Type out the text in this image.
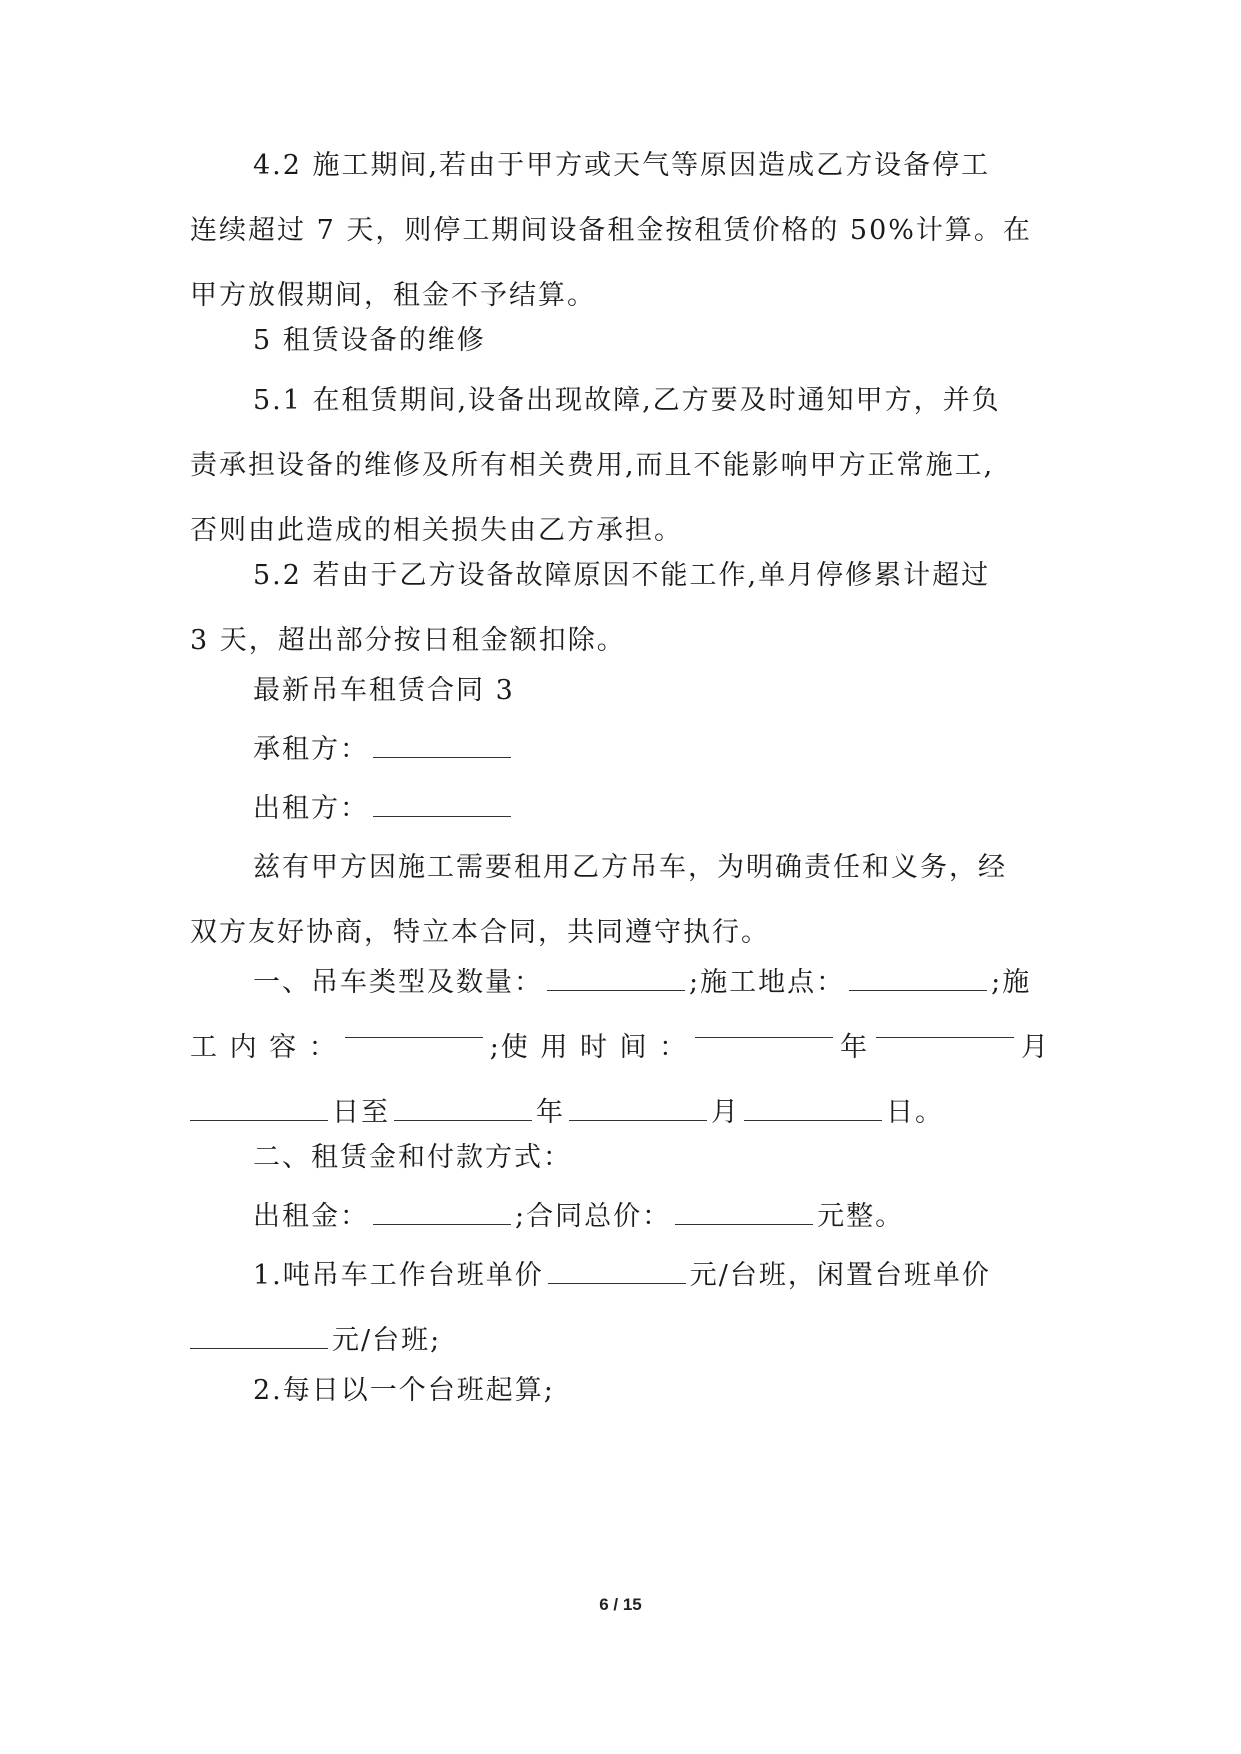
4.2 施工期间,若由于甲方或天气等原因造成乙方设备停工
连续超过 7 天，则停工期间设备租金按租赁价格的 50%计算。在
甲方放假期间，租金不予结算。
5 租赁设备的维修
5.1 在租赁期间,设备出现故障,乙方要及时通知甲方，并负
责承担设备的维修及所有相关费用,而且不能影响甲方正常施工,
否则由此造成的相关损失由乙方承担。
5.2 若由于乙方设备故障原因不能工作,单月停修累计超过
3 天，超出部分按日租金额扣除。
最新吊车租赁合同 3
承租方：
出租方：
兹有甲方因施工需要租用乙方吊车，为明确责任和义务，经
双方友好协商，特立本合同，共同遵守执行。
一、吊车类型及数量：	;施工地点：	;施
工 内 容 ：	;使 用 时 间 ：	年	月
日至	年	月	日。
二、租赁金和付款方式：
出租金：	;合同总价：	元整。
1.吨吊车工作台班单价	元/台班，闲置台班单价
元/台班;
2.每日以一个台班起算;
6 / 15
